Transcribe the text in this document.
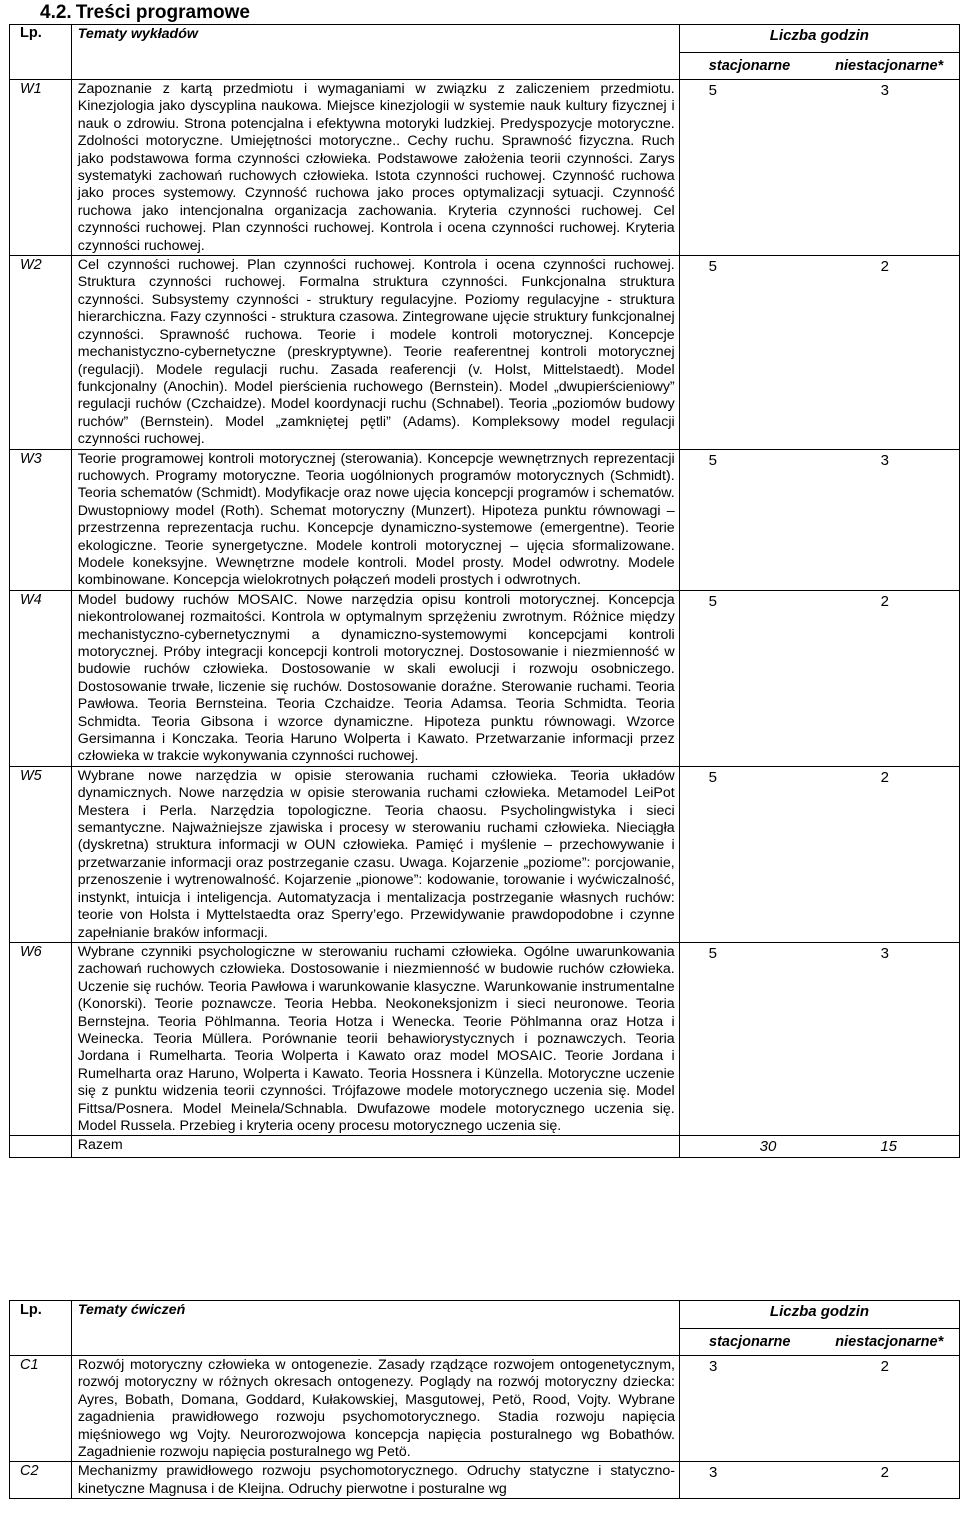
4.2. Treści programowe
Lp.	Tematy wykładów	Liczba godzin
stacjonarne niestacjonarne*

W1	Zapoznanie z kartą przedmiotu i wymaganiami w związku z zaliczeniem przedmiotu. Kinezjologia jako dyscyplina naukowa. Miejsce kinezjologii w systemie nauk kultury fizycznej i nauk o zdrowiu. Strona potencjalna i efektywna motoryki ludzkiej. Predyspozycje motoryczne. Zdolności motoryczne. Umiejętności motoryczne.. Cechy ruchu. Sprawność fizyczna. Ruch jako podstawowa forma czynności człowieka. Podstawowe założenia teorii czynności. Zarys systematyki zachowań ruchowych człowieka. Istota czynności ruchowej. Czynność ruchowa jako proces systemowy. Czynność ruchowa jako proces optymalizacji sytuacji. Czynność ruchowa jako intencjonalna organizacja zachowania. Kryteria czynności ruchowej. Cel czynności ruchowej. Plan czynności ruchowej. Kontrola i ocena czynności ruchowej. Kryteria czynności ruchowej.	5 3

W2	Cel czynności ruchowej. Plan czynności ruchowej. Kontrola i ocena czynności ruchowej. Struktura czynności ruchowej. Formalna struktura czynności. Funkcjonalna struktura czynności. Subsystemy czynności - struktury regulacyjne. Poziomy regulacyjne - struktura hierarchiczna. Fazy czynności - struktura czasowa. Zintegrowane ujęcie struktury funkcjonalnej czynności. Sprawność ruchowa. Teorie i modele kontroli motorycznej. Koncepcje mechanistyczno-cybernetyczne (preskryptywne). Teorie reaferentnej kontroli motorycznej (regulacji). Modele regulacji ruchu. Zasada reaferencji (v. Holst, Mittelstaedt). Model funkcjonalny (Anochin). Model pierścienia ruchowego (Bernstein). Model „dwupierścieniowy” regulacji ruchów (Czchaidze). Model koordynacji ruchu (Schnabel). Teoria „poziomów budowy ruchów” (Bernstein). Model „zamkniętej pętli” (Adams). Kompleksowy model regulacji czynności ruchowej.	5 2

W3	Teorie programowej kontroli motorycznej (sterowania). Koncepcje wewnętrznych reprezentacji ruchowych. Programy motoryczne. Teoria uogólnionych programów motorycznych (Schmidt). Teoria schematów (Schmidt). Modyfikacje oraz nowe ujęcia koncepcji programów i schematów. Dwustopniowy model (Roth). Schemat motoryczny (Munzert). Hipoteza punktu równowagi –przestrzenna reprezentacja ruchu. Koncepcje dynamiczno-systemowe (emergentne). Teorie ekologiczne. Teorie synergetyczne. Modele kontroli motorycznej – ujęcia sformalizowane. Modele koneksyjne. Wewnętrzne modele kontroli. Model prosty. Model odwrotny. Modele kombinowane. Koncepcja wielokrotnych połączeń modeli prostych i odwrotnych.	5 3

W4	Model budowy ruchów MOSAIC. Nowe narzędzia opisu kontroli motorycznej. Koncepcja niekontrolowanej rozmaitości. Kontrola w optymalnym sprzężeniu zwrotnym. Różnice między mechanistyczno-cybernetycznymi a dynamiczno-systemowymi koncepcjami kontroli motorycznej. Próby integracji koncepcji kontroli motorycznej. Dostosowanie i niezmienność w budowie ruchów człowieka. Dostosowanie w skali ewolucji i rozwoju osobniczego. Dostosowanie trwałe, liczenie się ruchów. Dostosowanie doraźne. Sterowanie ruchami. Teoria Pawłowa. Teoria Bernsteina. Teoria Czchaidze. Teoria Adamsa. Teoria Schmidta. Teoria Schmidta. Teoria Gibsona i wzorce dynamiczne. Hipoteza punktu równowagi. Wzorce Gersimanna i Konczaka. Teoria Haruno Wolperta i Kawato. Przetwarzanie informacji przez człowieka w trakcie wykonywania czynności ruchowej.	5 2

W5	Wybrane nowe narzędzia w opisie sterowania ruchami człowieka. Teoria układów dynamicznych. Nowe narzędzia w opisie sterowania ruchami człowieka. Metamodel LeiPot Mestera i Perla. Narzędzia topologiczne. Teoria chaosu. Psycholingwistyka i sieci semantyczne. Najważniejsze zjawiska i procesy w sterowaniu ruchami człowieka. Nieciągła (dyskretna) struktura informacji w OUN człowieka. Pamięć i myślenie – przechowywanie i przetwarzanie informacji oraz postrzeganie czasu. Uwaga. Kojarzenie „poziome”: porcjowanie, przenoszenie i wytrenowalność. Kojarzenie „pionowe”: kodowanie, torowanie i wyćwiczalność, instynkt, intuicja i inteligencja. Automatyzacja i mentalizacja postrzeganie własnych ruchów: teorie von Holsta i Myttelstaedta oraz Sperry’ego. Przewidywanie prawdopodobne i czynne zapełnianie braków informacji.	5 2

W6	Wybrane czynniki psychologiczne w sterowaniu ruchami człowieka. Ogólne uwarunkowania zachowań ruchowych człowieka. Dostosowanie i niezmienność w budowie ruchów człowieka. Uczenie się ruchów. Teoria Pawłowa i warunkowanie klasyczne. Warunkowanie instrumentalne (Konorski). Teorie poznawcze. Teoria Hebba. Neokoneksjonizm i sieci neuronowe. Teoria Bernstejna. Teoria Pöhlmanna. Teoria Hotza i Wenecka. Teorie Pöhlmanna oraz Hotza i Weinecka. Teoria Müllera. Porównanie teorii behawiorystycznych i poznawczych. Teoria Jordana i Rumelharta. Teoria Wolperta i Kawato oraz model MOSAIC. Teorie Jordana i Rumelharta oraz Haruno, Wolperta i Kawato. Teoria Hossnera i Künzella. Motoryczne uczenie się z punktu widzenia teorii czynności. Trójfazowe modele motorycznego uczenia się. Model Fittsa/Posnera. Model Meinela/Schnabla. Dwufazowe modele motorycznego uczenia się. Model Russela. Przebieg i kryteria oceny procesu motorycznego uczenia się.	5 3

	Razem	30 15
Lp.	Tematy ćwiczeń	Liczba godzin
stacjonarne niestacjonarne*

C1	Rozwój motoryczny człowieka w ontogenezie. Zasady rządzące rozwojem ontogenetycznym, rozwój motoryczny w różnych okresach ontogenezy. Poglądy na rozwój motoryczny dziecka: Ayres, Bobath, Domana, Goddard, Kułakowskiej, Masgutowej, Petö, Rood, Vojty. Wybrane zagadnienia prawidłowego rozwoju psychomotorycznego. Stadia rozwoju napięcia mięśniowego wg Vojty. Neurorozwojowa koncepcja napięcia posturalnego wg Bobathów. Zagadnienie rozwoju napięcia posturalnego wg Petö.	3 2

C2	Mechanizmy prawidłowego rozwoju psychomotorycznego. Odruchy statyczne i statyczno-kinetyczne Magnusa i de Kleijna. Odruchy pierwotne i posturalne wg	3 2
